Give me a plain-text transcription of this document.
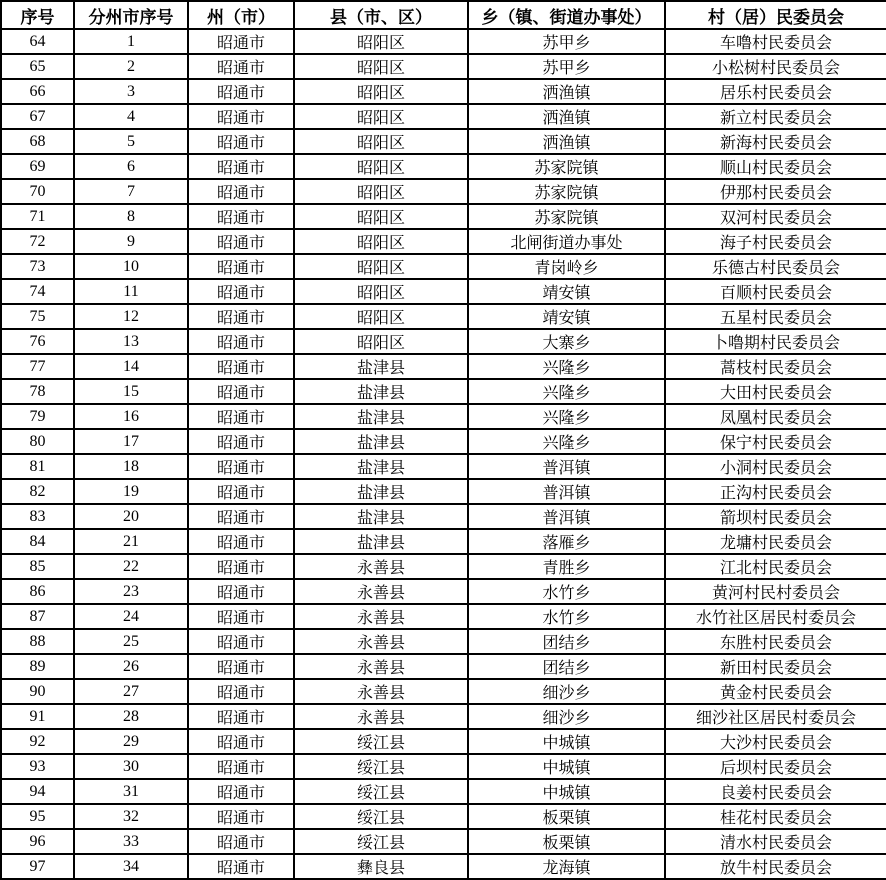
序号	分州市序号	州（市）	县（市、区）	乡（镇、街道办事处）	村（居）民委员会
64	1	昭通市	昭阳区	苏甲乡	车噜村民委员会
65	2	昭通市	昭阳区	苏甲乡	小松树村民委员会
66	3	昭通市	昭阳区	洒渔镇	居乐村民委员会
67	4	昭通市	昭阳区	洒渔镇	新立村民委员会
68	5	昭通市	昭阳区	洒渔镇	新海村民委员会
69	6	昭通市	昭阳区	苏家院镇	顺山村民委员会
70	7	昭通市	昭阳区	苏家院镇	伊那村民委员会
71	8	昭通市	昭阳区	苏家院镇	双河村民委员会
72	9	昭通市	昭阳区	北闸街道办事处	海子村民委员会
73	10	昭通市	昭阳区	青岗岭乡	乐德古村民委员会
74	11	昭通市	昭阳区	靖安镇	百顺村民委员会
75	12	昭通市	昭阳区	靖安镇	五星村民委员会
76	13	昭通市	昭阳区	大寨乡	卜噜期村民委员会
77	14	昭通市	盐津县	兴隆乡	蒿枝村民委员会
78	15	昭通市	盐津县	兴隆乡	大田村民委员会
79	16	昭通市	盐津县	兴隆乡	凤凰村民委员会
80	17	昭通市	盐津县	兴隆乡	保宁村民委员会
81	18	昭通市	盐津县	普洱镇	小洞村民委员会
82	19	昭通市	盐津县	普洱镇	正沟村民委员会
83	20	昭通市	盐津县	普洱镇	箭坝村民委员会
84	21	昭通市	盐津县	落雁乡	龙墉村民委员会
85	22	昭通市	永善县	青胜乡	江北村民委员会
86	23	昭通市	永善县	水竹乡	黄河村民村委员会
87	24	昭通市	永善县	水竹乡	水竹社区居民村委员会
88	25	昭通市	永善县	团结乡	东胜村民委员会
89	26	昭通市	永善县	团结乡	新田村民委员会
90	27	昭通市	永善县	细沙乡	黄金村民委员会
91	28	昭通市	永善县	细沙乡	细沙社区居民村委员会
92	29	昭通市	绥江县	中城镇	大沙村民委员会
93	30	昭通市	绥江县	中城镇	后坝村民委员会
94	31	昭通市	绥江县	中城镇	良姜村民委员会
95	32	昭通市	绥江县	板栗镇	桂花村民委员会
96	33	昭通市	绥江县	板栗镇	清水村民委员会
97	34	昭通市	彝良县	龙海镇	放牛村民委员会
